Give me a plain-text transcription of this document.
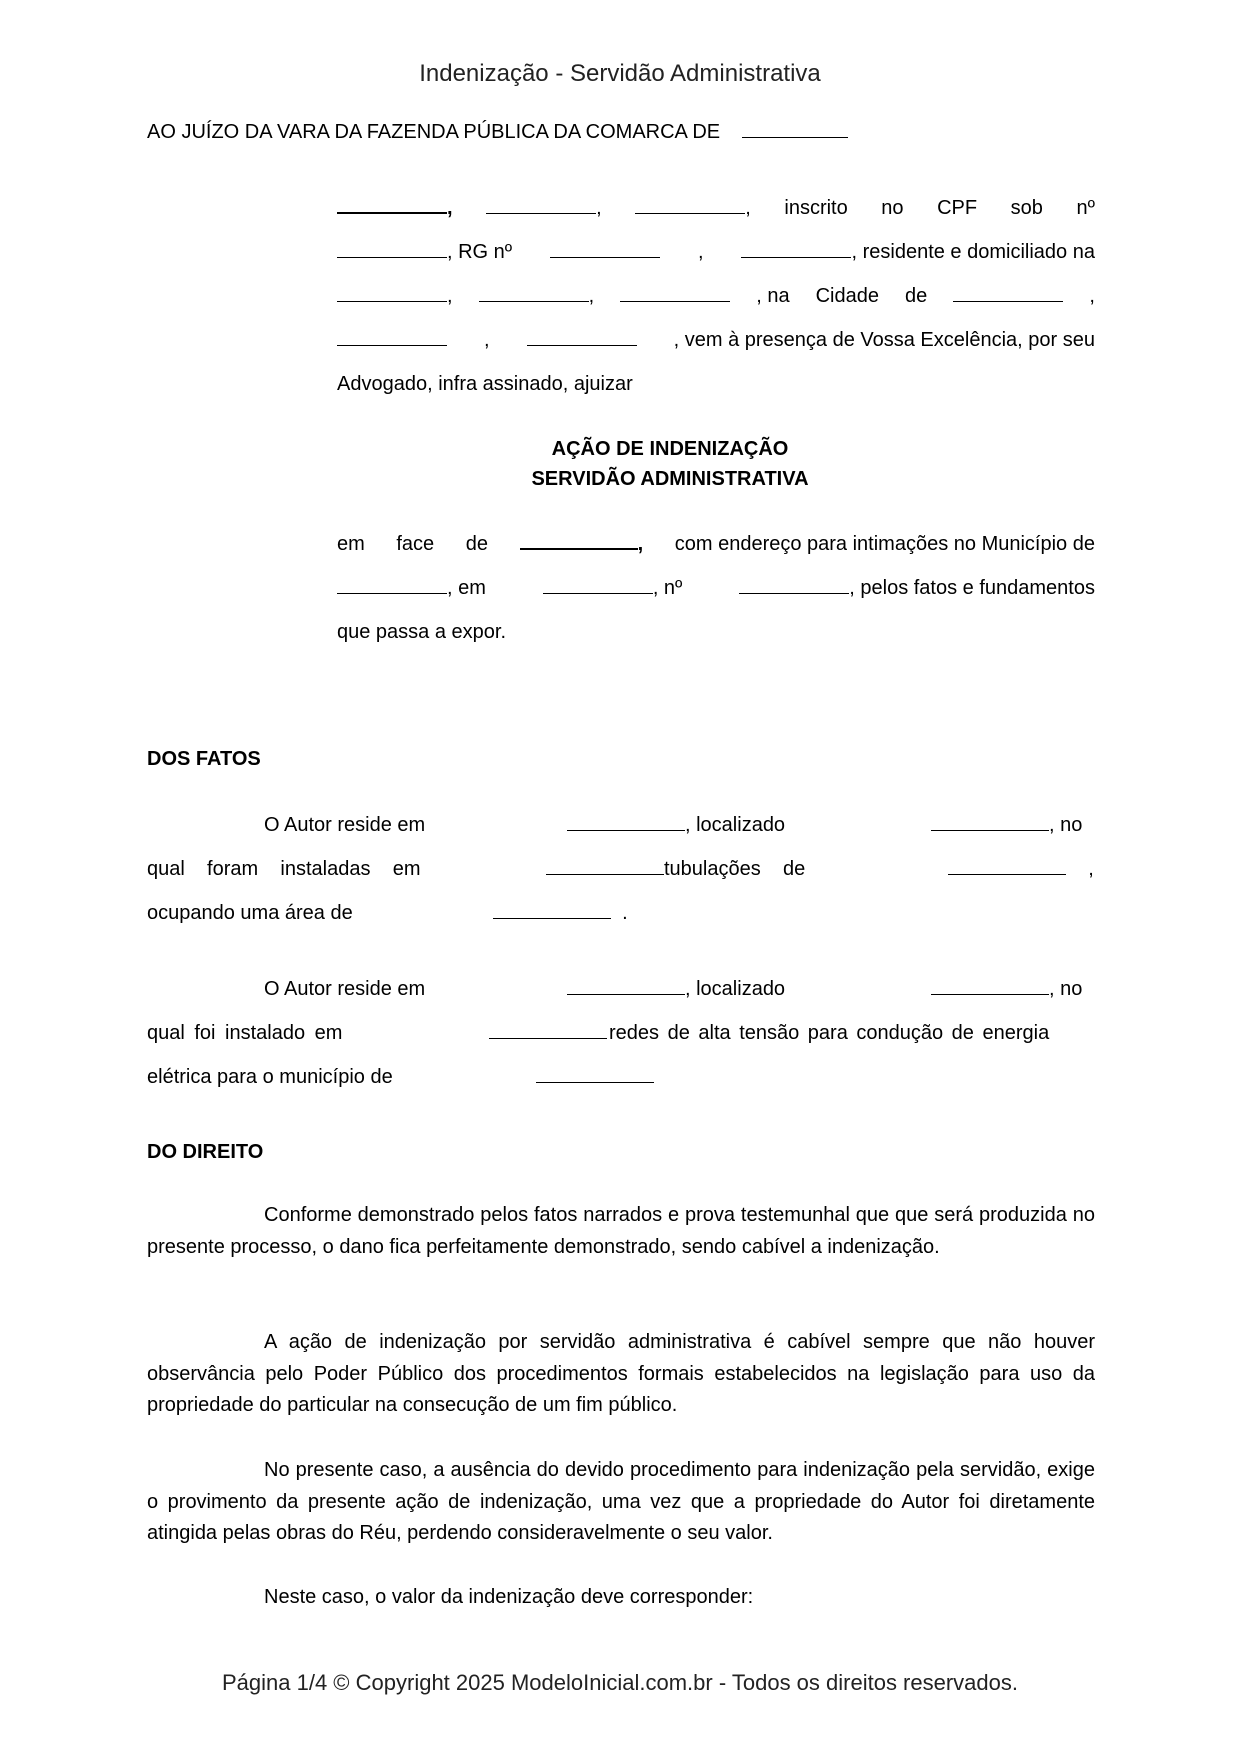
Indenização - Servidão Administrativa
AO JUÍZO DA VARA DA FAZENDA PÚBLICA DA COMARCA DE
,	,	, inscrito no CPF sob nº
, RG nº	,	, residente e domiciliado na
,	,	, na Cidade de	,
,	, vem à presença de Vossa Excelência, por seu
Advogado, infra assinado, ajuizar
AÇÃO DE INDENIZAÇÃO
SERVIDÃO ADMINISTRATIVA
em face de	, com endereço para intimações no Município de
, em	, nº	, pelos fatos e fundamentos
que passa a expor.
DOS FATOS
O Autor reside em	, localizado	, no
qual foram instaladas em	tubulações de	,
ocupando uma área de	.
O Autor reside em	, localizado	, no
qual foi instalado em	redes de alta tensão para condução de energia
elétrica para o município de
DO DIREITO
Conforme demonstrado pelos fatos narrados e prova testemunhal que que será produzida no presente processo, o dano fica perfeitamente demonstrado, sendo cabível a indenização.
A ação de indenização por servidão administrativa é cabível sempre que não houver observância pelo Poder Público dos procedimentos formais estabelecidos na legislação para uso da propriedade do particular na consecução de um fim público.
No presente caso, a ausência do devido procedimento para indenização pela servidão, exige o provimento da presente ação de indenização, uma vez que a propriedade do Autor foi diretamente atingida pelas obras do Réu, perdendo consideravelmente o seu valor.
Neste caso, o valor da indenização deve corresponder:
Página 1/4 © Copyright 2025 ModeloInicial.com.br - Todos os direitos reservados.
